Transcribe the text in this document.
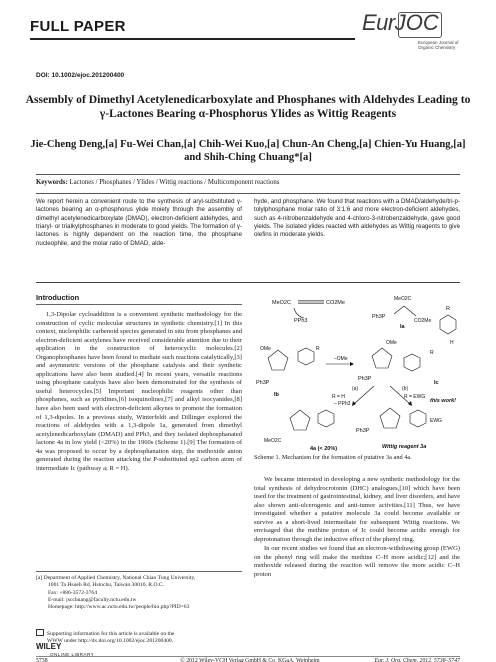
FULL PAPER	EurJOC
European Journal of Organic Chemistry
DOI: 10.1002/ejoc.201200400
Assembly of Dimethyl Acetylenedicarboxylate and Phosphanes with Aldehydes Leading to γ-Lactones Bearing α-Phosphorus Ylides as Wittig Reagents
Jie-Cheng Deng,[a] Fu-Wei Chan,[a] Chih-Wei Kuo,[a] Chun-An Cheng,[a] Chien-Yu Huang,[a] and Shih-Ching Chuang*[a]
Keywords: Lactones / Phosphanes / Ylides / Wittig reactions / Multicomponent reactions
We report herein a convenient route to the synthesis of aryl-substituted γ-lactones bearing an α-phosphorus ylide moiety through the assembly of dimethyl acetylenedicarboxylate (DMAD), electron-deficient aldehydes, and triaryl- or trialkylphosphanes in moderate to good yields. The formation of γ-lactones is highly dependent on the reaction time, the phosphane nucleophile, and the molar ratio of DMAD, alde-
hyde, and phosphane. We found that reactions with a DMAD/aldehyde/tri-p-tolylphosphane molar ratio of 3:1:6 and more electron-deficient aldehydes, such as 4-nitrobenzaldehyde and 4-chloro-3-nitrobenzaldehyde, gave good yields. The isolated ylides reacted with aldehydes as Wittig reagents to give olefins in moderate yields.
Introduction
1,3-Dipolar cycloaddition is a convenient synthetic methodology for the construction of cyclic molecular structures in synthetic chemistry.[1] In this context, nucleophilic carbenoid species generated in situ from phosphanes and electron-deficient acetylenes have received considerable attention due to their application in the construction of heterocyclic molecules.[2] Organophosphanes have been found to mediate such reactions catalytically,[3] and asymmetric versions of the phosphane catalysis and their synthetic applications have also been studied.[4] In recent years, versatile reactions using phosphane catalysis have also been demonstrated for the synthesis of useful heterocycles.[5] Important nucleophilic reagents other than phosphanes, such as pyridines,[6] isoquinolines,[7] and alkyl isocyanides,[8] have also been used with electron-deficient alkynes to promote the formation of 1,3-dipoles. In a previous study, Winterfeldt and Dillinger explored the reactions of aldehydes with a 1,3-dipole 1a, generated from dimethyl acetylenedicarboxylate (DMAD) and PPh3, and they isolated dephosphanated lactone 4a in low yield (<20%) in the 1960s (Scheme 1).[9] The formation of 4a was proposed to occur by a dephosphanation step, the methoxide anion generated during the reaction attacking the P-substituted sp2 carbon atom of intermediate Ic (pathway a; R = H).
MeO2C	CO2Me
PPh3
MeO2C
Ph3P
CO2Me
Ia
R
H
OMe
Ph3P
Ib
R
–OMe
Ph3P
OMe
R
Ic
(a)	(b)
R = H
– PPh3
R = EWG
this work!
MeO2C
4a (< 20%)
Ph3P
EWG
Wittig reagent 3a
Scheme 1. Mechanism for the formation of putative 3a and 4a.

We became interested in developing a new synthetic methodology for the total synthesis of dehydrocrotonin (DHC) analogues,[10] which have been used for the treatment of gastrointestinal, kidney, and liver disorders, and have also shown anti-ulcerogenic and anti-tumor activities.[11] Thus, we have investigated whether a putative molecule 3a could become available or survive as a short-lived intermediate for subsequent Wittig reactions. We envisaged that the methine proton of Ic could become acidic enough for deprotonation through the inductive effect of the phenyl ring.

In our recent studies we found that an electron-withdrawing group (EWG) on the phenyl ring will make the methine C–H more acidic;[12] and the methoxide released during the reaction will remove the more acidic C–H proton

[a] Department of Applied Chemistry, National Chiao Tung University,
1001 Ta Hsueh Rd, Hsinchu, Taiwan 30010, R.O.C.
Fax: +886-3572-3764
E-mail: jscchuang@faculty.nctu.edu.tw
Homepage: http://www.ac.nctu.edu.tw/people/bio.php?PID=63
Supporting information for this article is available on the
WWW under http://dx.doi.org/10.1002/ejoc.201200400.
WILEY
ONLINE LIBRARY
5738	© 2012 Wiley-VCH Verlag GmbH & Co. KGaA, Weinheim	Eur. J. Org. Chem. 2012, 5738–5747
